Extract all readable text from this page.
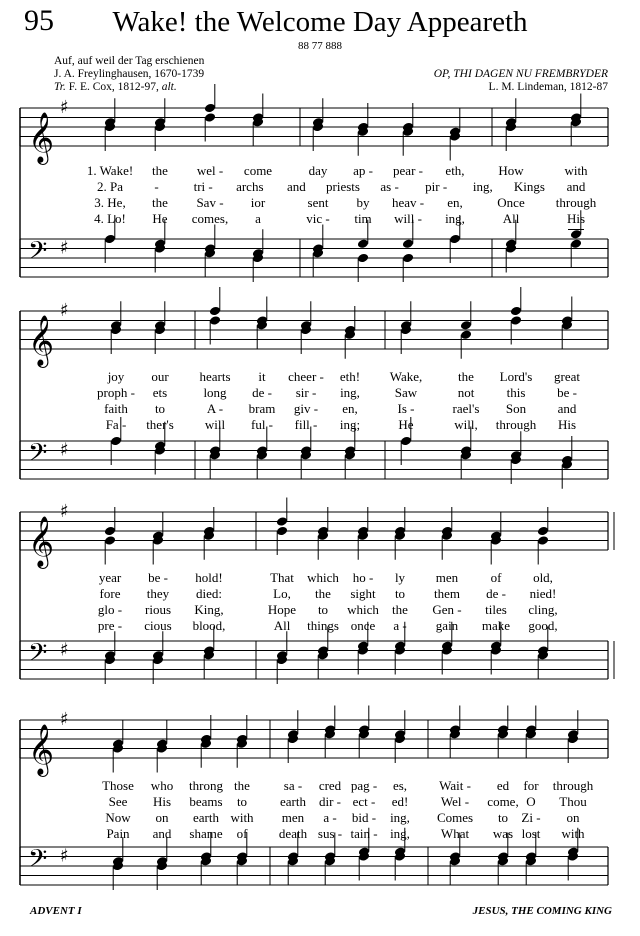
95	Wake! the Welcome Day Appeareth
88 77 888
Auf, auf weil der Tag erschienen
J. A. Freylinghausen, 1670-1739
Tr. F. E. Cox, 1812-97, alt.
OP, THI DAGEN NU FREMBRYDER
L. M. Lindeman, 1812-87
𝄞
♯
𝄢 ♯
𝄞
♯
𝄢 ♯
𝄞
♯
𝄢 ♯
𝄞
♯
𝄢 ♯
ADVENT I	JESUS, THE COMING KING
1. Wake! the wel - come	day ap - pear - eth,	How	with
2. Pa -	tri - archs and priests as - pir - ing, Kings and
3. He, the Sav - ior	sent by heav - en,	Once through
4. Lo! He comes, a	vic - tim will - ing,	All	His
joy our hearts it cheer - eth! Wake,	the Lord's great
proph - ets	long de - sir - ing,	Saw	not this be -
faith to	A - bram giv - en,	Is -	rael's Son and
Fa - ther's will ful - fill - ing;	He	will, through His
year be - hold!	That which ho - ly men of old,
fore they died:	Lo, the sight to them de - nied!
glo - rious King,	Hope to which the Gen - tiles cling,
pre - cious blood,	All things once a - gain make good,
Those who throng the	sa - cred pag - es, Wait - ed for through
See His beams to	earth dir - ect - ed!	Wel - come, O Thou
Now on earth with men a - bid - ing, Comes to Zi - on
Pain and shame of death sus - tain - ing, What was lost with
